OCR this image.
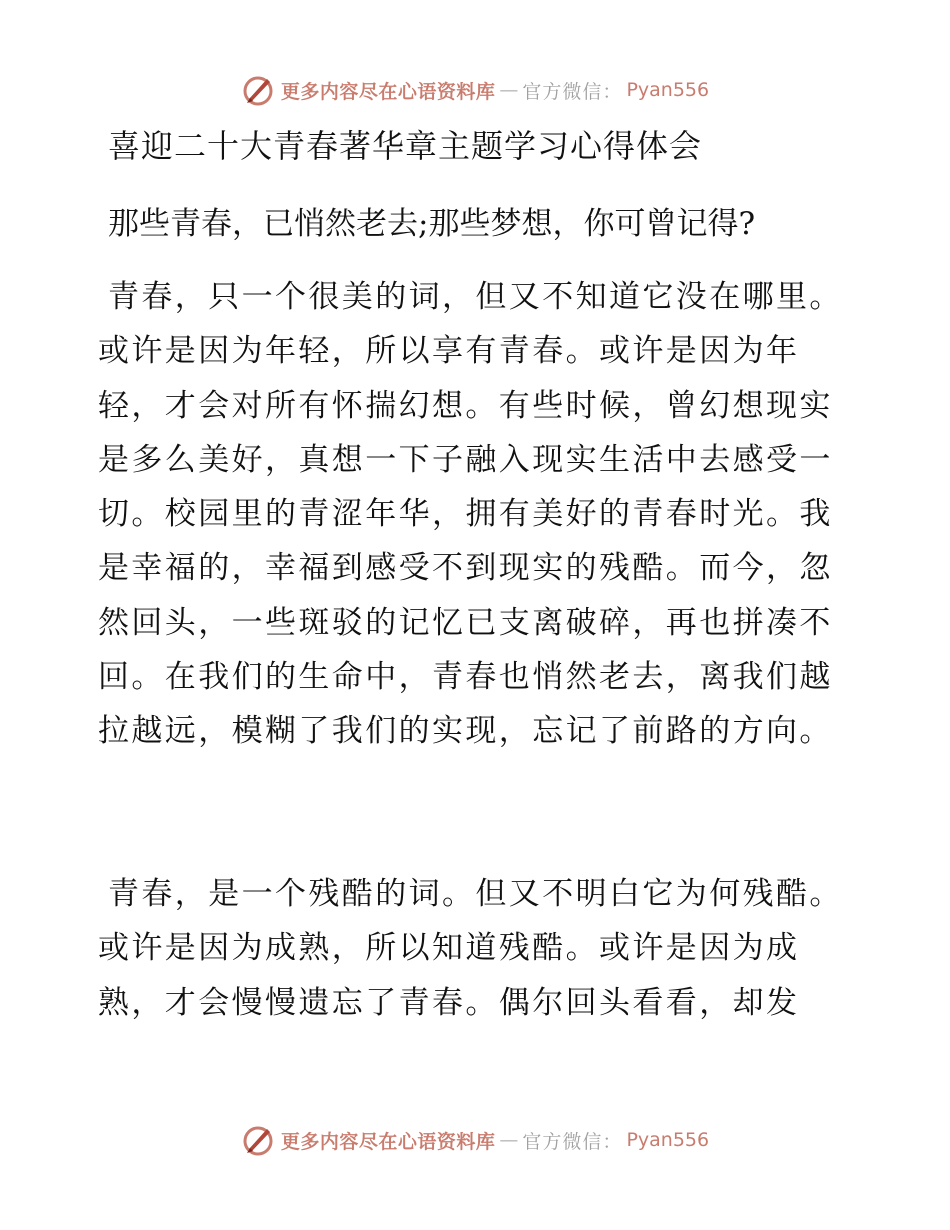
更多内容尽在心语资料库 — 官方微信： Pyan556
喜迎二十大青春著华章主题学习心得体会

那些青春，已悄然老去;那些梦想，你可曾记得?

青春，只一个很美的词，但又不知道它没在哪里。或许是因为年轻，所以享有青春。或许是因为年轻，才会对所有怀揣幻想。有些时候，曾幻想现实是多么美好，真想一下子融入现实生活中去感受一切。校园里的青涩年华，拥有美好的青春时光。我是幸福的，幸福到感受不到现实的残酷。而今，忽然回头，一些斑驳的记忆已支离破碎，再也拼凑不回。在我们的生命中，青春也悄然老去，离我们越拉越远，模糊了我们的实现，忘记了前路的方向。

青春，是一个残酷的词。但又不明白它为何残酷。或许是因为成熟，所以知道残酷。或许是因为成熟，才会慢慢遗忘了青春。偶尔回头看看，却发

更多内容尽在心语资料库 — 官方微信： Pyan556
